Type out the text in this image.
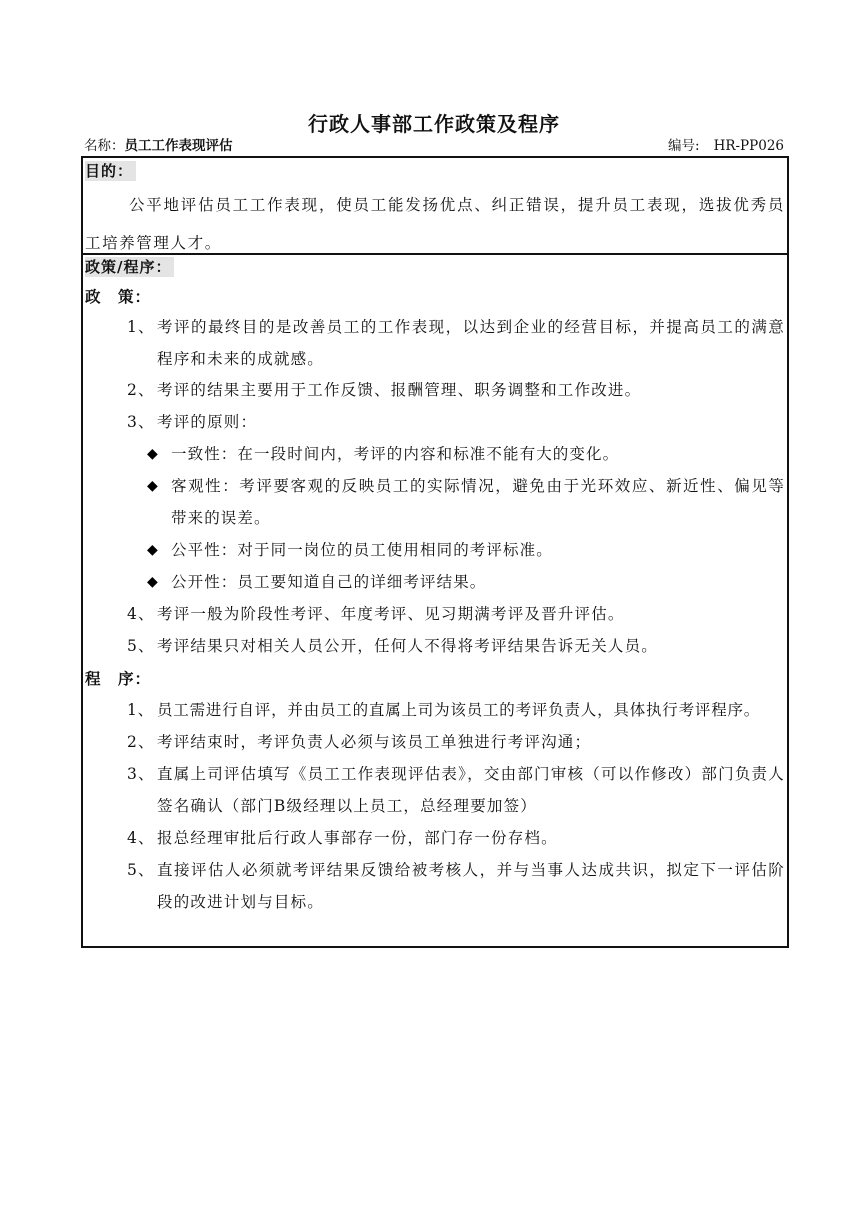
行政人事部工作政策及程序
名称：员工工作表现评估	编号: HR-PP026
目的：
公平地评估员工工作表现，使员工能发扬优点、纠正错误，提升员工表现，选拔优秀员工培养管理人才。
政策/程序：
政　策：
1、 考评的最终目的是改善员工的工作表现，以达到企业的经营目标，并提高员工的满意程序和未来的成就感。
2、 考评的结果主要用于工作反馈、报酬管理、职务调整和工作改进。
3、 考评的原则：
◆ 一致性：在一段时间内，考评的内容和标准不能有大的变化。
◆ 客观性：考评要客观的反映员工的实际情况，避免由于光环效应、新近性、偏见等带来的误差。
◆ 公平性：对于同一岗位的员工使用相同的考评标准。
◆ 公开性：员工要知道自己的详细考评结果。
4、 考评一般为阶段性考评、年度考评、见习期满考评及晋升评估。
5、 考评结果只对相关人员公开，任何人不得将考评结果告诉无关人员。
程　序：
1、 员工需进行自评，并由员工的直属上司为该员工的考评负责人，具体执行考评程序。
2、 考评结束时，考评负责人必须与该员工单独进行考评沟通；
3、 直属上司评估填写《员工工作表现评估表》，交由部门审核（可以作修改）部门负责人签名确认（部门B级经理以上员工，总经理要加签）
4、 报总经理审批后行政人事部存一份，部门存一份存档。
5、 直接评估人必须就考评结果反馈给被考核人，并与当事人达成共识，拟定下一评估阶段的改进计划与目标。
